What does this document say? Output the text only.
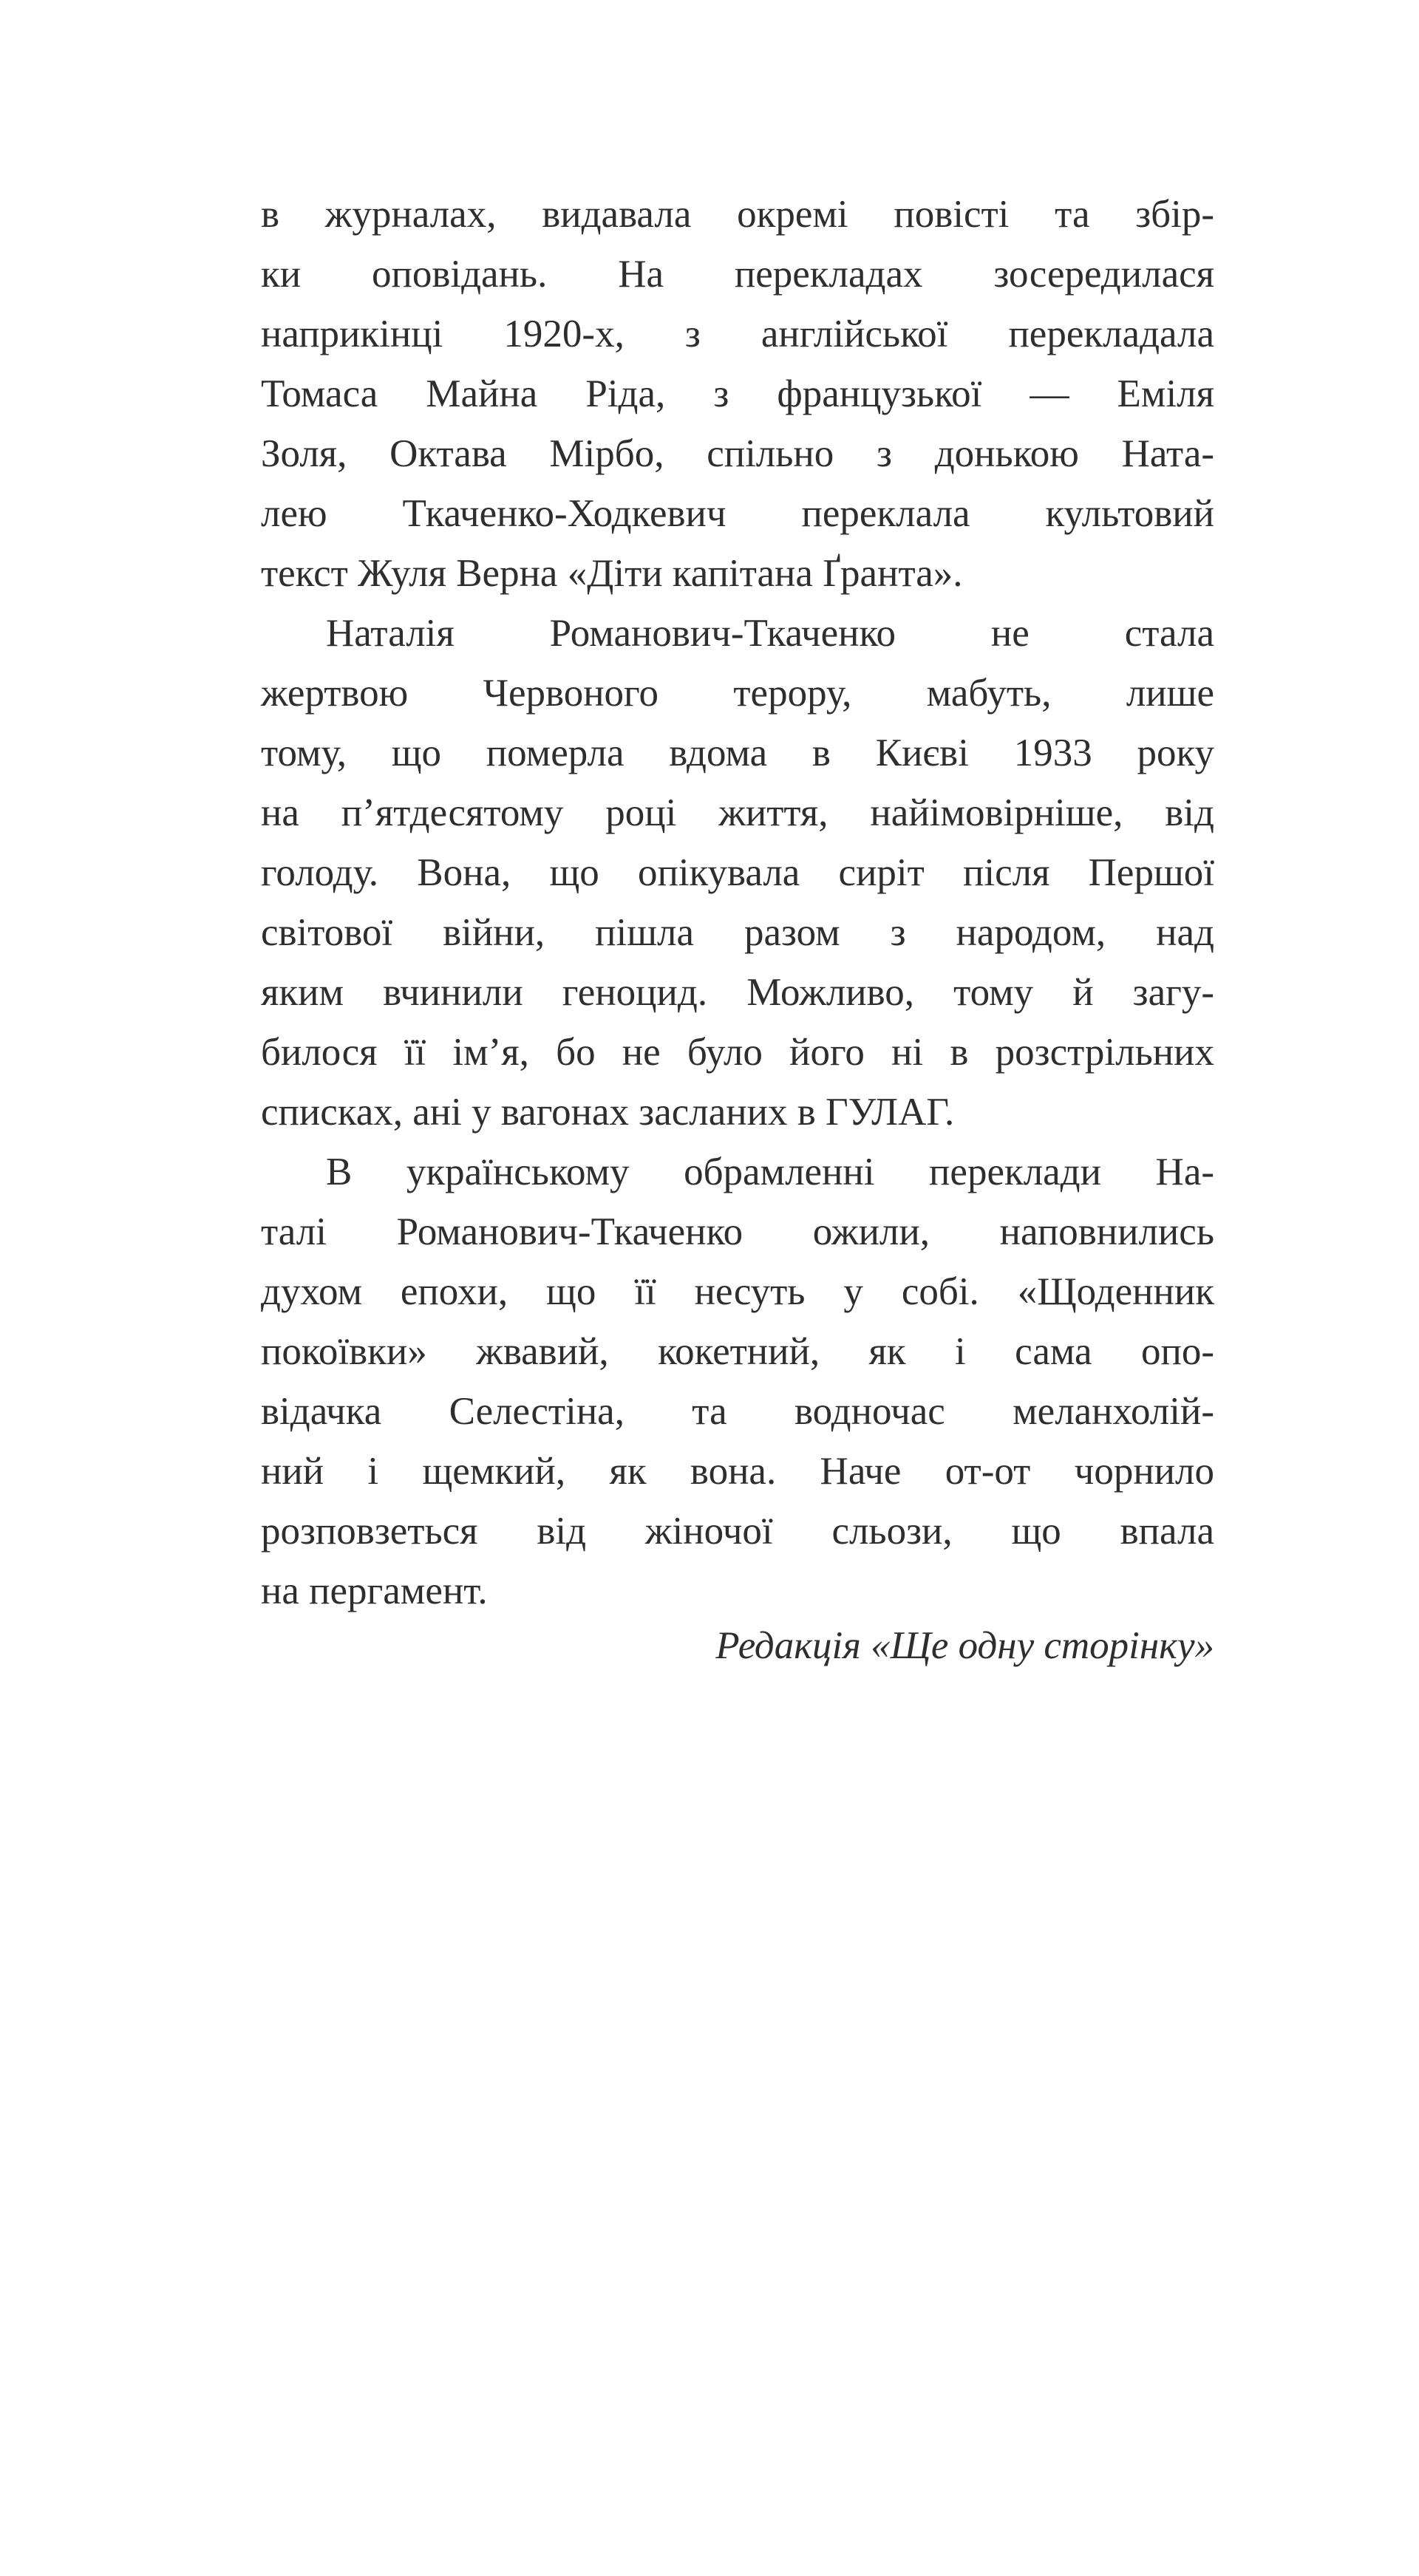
в журналах, видавала окремі повісті та збір-
ки оповідань. На перекладах зосередилася
наприкінці 1920-х, з англійської перекладала
Томаса Майна Ріда, з французької — Еміля
Золя, Октава Мірбо, спільно з донькою Ната-
лею Ткаченко-Ходкевич переклала культовий
текст Жуля Верна «Діти капітана Ґранта».
Наталія Романович-Ткаченко не стала
жертвою Червоного терору, мабуть, лише
тому, що померла вдома в Києві 1933 року
на п’ятдесятому році життя, найімовірніше, від
голоду. Вона, що опікувала сиріт після Першої
світової війни, пішла разом з народом, над
яким вчинили геноцид. Можливо, тому й загу-
билося її ім’я, бо не було його ні в розстрільних
списках, ані у вагонах засланих в ГУЛАГ.
В українському обрамленні переклади На-
талі Романович-Ткаченко ожили, наповнились
духом епохи, що її несуть у собі. «Щоденник
покоївки» жвавий, кокетний, як і сама опо-
відачка Селестіна, та водночас меланхолій-
ний і щемкий, як вона. Наче от-от чорнило
розповзеться від жіночої сльози, що впала
на пергамент.
Редакція «Ще одну сторінку»
